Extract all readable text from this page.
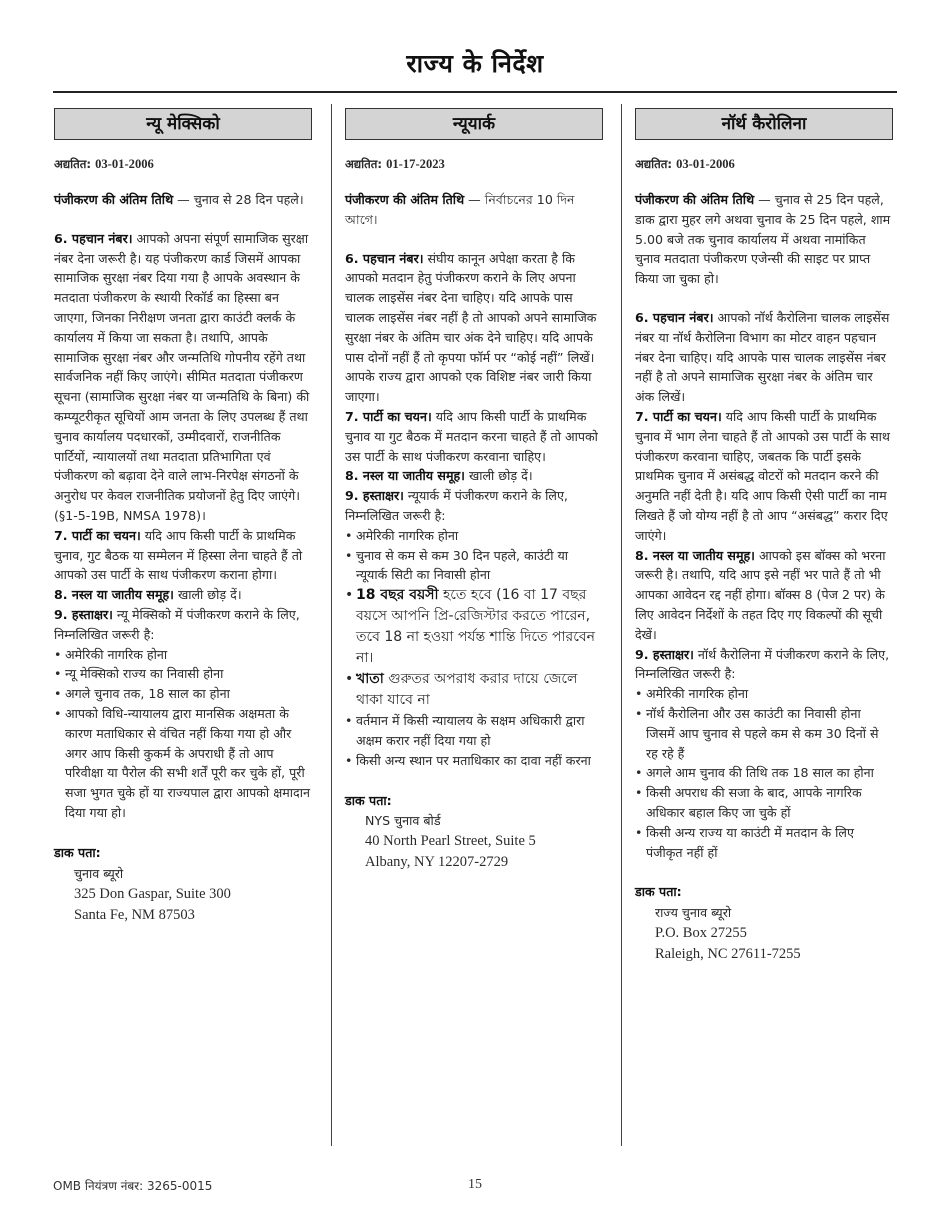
राज्य के निर्देश
न्यू मेक्सिको
अद्यतित: 03-01-2006

पंजीकरण की अंतिम तिथि — चुनाव से 28 दिन पहले।

6. पहचान नंबर। आपको अपना संपूर्ण सामाजिक सुरक्षा नंबर देना जरूरी है। यह पंजीकरण कार्ड जिसमें आपका सामाजिक सुरक्षा नंबर दिया गया है आपके अवस्थान के मतदाता पंजीकरण के स्थायी रिकॉर्ड का हिस्सा बन जाएगा, जिनका निरीक्षण जनता द्वारा काउंटी क्लर्क के कार्यालय में किया जा सकता है। तथापि, आपके सामाजिक सुरक्षा नंबर और जन्मतिथि गोपनीय रहेंगे तथा सार्वजनिक नहीं किए जाएंगे। सीमित मतदाता पंजीकरण सूचना (सामाजिक सुरक्षा नंबर या जन्मतिथि के बिना) की कम्प्यूटरीकृत सूचियों आम जनता के लिए उपलब्ध हैं तथा चुनाव कार्यालय पदधारकों, उम्मीदवारों, राजनीतिक पार्टियों, न्यायालयों तथा मतदाता प्रतिभागिता एवं पंजीकरण को बढ़ावा देने वाले लाभ-निरपेक्ष संगठनों के अनुरोध पर केवल राजनीतिक प्रयोजनों हेतु दिए जाएंगे।(§1-5-19B, NMSA 1978)।

7. पार्टी का चयन। यदि आप किसी पार्टी के प्राथमिक चुनाव, गुट बैठक या सम्मेलन में हिस्सा लेना चाहते हैं तो आपको उस पार्टी के साथ पंजीकरण कराना होगा।

8. नस्ल या जातीय समूह। खाली छोड़ दें।

9. हस्ताक्षर। न्यू मेक्सिको में पंजीकरण कराने के लिए, निम्नलिखित जरूरी है:

• अमेरिकी नागरिक होना
• न्यू मेक्सिको राज्य का निवासी होना
• अगले चुनाव तक, 18 साल का होना
• आपको विधि-न्यायालय द्वारा मानसिक अक्षमता के कारण मताधिकार से वंचित नहीं किया गया हो और अगर आप किसी कुकर्म के अपराधी हैं तो आप परिवीक्षा या पैरोल की सभी शर्तें पूरी कर चुके हों, पूरी सजा भुगत चुके हों या राज्यपाल द्वारा आपको क्षमादान दिया गया हो।
डाक पता:
चुनाव ब्यूरो
325 Don Gaspar, Suite 300
Santa Fe, NM 87503
न्यूयार्क
अद्यतित: 01-17-2023

पंजीकरण की अंतिम तिथि — নির্বাচনের 10 দিন আগে।

6. पहचान नंबर। संघीय कानून अपेक्षा करता है कि आपको मतदान हेतु पंजीकरण कराने के लिए अपना चालक लाइसेंस नंबर देना चाहिए। यदि आपके पास चालक लाइसेंस नंबर नहीं है तो आपको अपने सामाजिक सुरक्षा नंबर के अंतिम चार अंक देने चाहिए। यदि आपके पास दोनों नहीं हैं तो कृपया फॉर्म पर “कोई नहीं” लिखें। आपके राज्य द्वारा आपको एक विशिष्ट नंबर जारी किया जाएगा।

7. पार्टी का चयन। यदि आप किसी पार्टी के प्राथमिक चुनाव या गुट बैठक में मतदान करना चाहते हैं तो आपको उस पार्टी के साथ पंजीकरण करवाना चाहिए।

8. नस्ल या जातीय समूह। खाली छोड़ दें।

9. हस्ताक्षर। न्यूयार्क में पंजीकरण कराने के लिए, निम्नलिखित जरूरी है:

• अमेरिकी नागरिक होना
• चुनाव से कम से कम 30 दिन पहले, काउंटी या न्यूयार्क सिटी का निवासी होना
• 18 বছর বয়সী হতে হবে (16 বা 17 বছর বয়সে আপনি প্রি-রেজিস্টার করতে পারেন, তবে 18 না হওয়া পর্যন্ত শান্তি দিতে পারবেন না।
• খাতা গুরুতর অপরাধ করার দায়ে জেলে থাকা যাবে না
• वर्तमान में किसी न्यायालय के सक्षम अधिकारी द्वारा अक्षम करार नहीं दिया गया हो
• किसी अन्य स्थान पर मताधिकार का दावा नहीं करना
डाक पता:
NYS चुनाव बोर्ड
40 North Pearl Street, Suite 5
Albany, NY 12207-2729
नॉर्थ कैरोलिना
अद्यतित: 03-01-2006

पंजीकरण की अंतिम तिथि — चुनाव से 25 दिन पहले, डाक द्वारा मुहर लगे अथवा चुनाव के 25 दिन पहले, शाम 5.00 बजे तक चुनाव कार्यालय में अथवा नामांकित चुनाव मतदाता पंजीकरण एजेन्सी की साइट पर प्राप्त किया जा चुका हो।

6. पहचान नंबर। आपको नॉर्थ कैरोलिना चालक लाइसेंस नंबर या नॉर्थ कैरोलिना विभाग का मोटर वाहन पहचान नंबर देना चाहिए। यदि आपके पास चालक लाइसेंस नंबर नहीं है तो अपने सामाजिक सुरक्षा नंबर के अंतिम चार अंक लिखें।

7. पार्टी का चयन। यदि आप किसी पार्टी के प्राथमिक चुनाव में भाग लेना चाहते हैं तो आपको उस पार्टी के साथ पंजीकरण करवाना चाहिए, जबतक कि पार्टी इसके प्राथमिक चुनाव में असंबद्ध वोटरों को मतदान करने की अनुमति नहीं देती है। यदि आप किसी ऐसी पार्टी का नाम लिखते हैं जो योग्य नहीं है तो आप “असंबद्ध” करार दिए जाएंगे।

8. नस्ल या जातीय समूह। आपको इस बॉक्स को भरना जरूरी है। तथापि, यदि आप इसे नहीं भर पाते हैं तो भी आपका आवेदन रद्द नहीं होगा। बॉक्स 8 (पेज 2 पर) के लिए आवेदन निर्देशों के तहत दिए गए विकल्पों की सूची देखें।

9. हस्ताक्षर। नॉर्थ कैरोलिना में पंजीकरण कराने के लिए, निम्नलिखित जरूरी है:

• अमेरिकी नागरिक होना
• नॉर्थ कैरोलिना और उस काउंटी का निवासी होना जिसमें आप चुनाव से पहले कम से कम 30 दिनों से रह रहे हैं
• अगले आम चुनाव की तिथि तक 18 साल का होना
• किसी अपराध की सजा के बाद, आपके नागरिक अधिकार बहाल किए जा चुके हों
• किसी अन्य राज्य या काउंटी में मतदान के लिए पंजीकृत नहीं हों
डाक पता:
राज्य चुनाव ब्यूरो
P.O. Box 27255
Raleigh, NC 27611-7255
OMB नियंत्रण नंबर: 3265-0015	15
